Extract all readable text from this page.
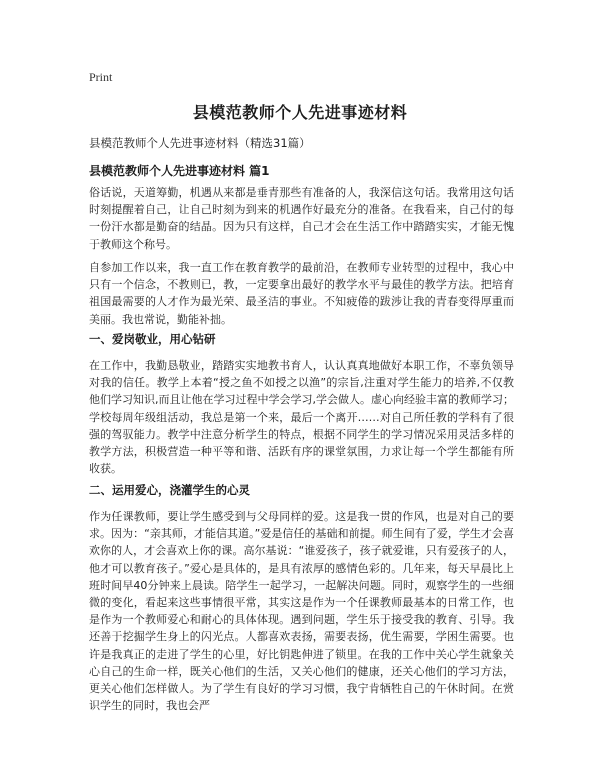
Print
县模范教师个人先进事迹材料
县模范教师个人先进事迹材料（精选31篇）
县模范教师个人先进事迹材料 篇1

俗话说，天道筹勤，机遇从来都是垂青那些有准备的人，我深信这句话。我常用这句话时刻提醒着自己，让自己时刻为到来的机遇作好最充分的准备。在我看来，自己付的每一份汗水都是勤奋的结晶。因为只有这样，自己才会在生活工作中踏踏实实，才能无愧于教师这个称号。

自参加工作以来，我一直工作在教育教学的最前沿，在教师专业转型的过程中，我心中只有一个信念，不教则已，教，一定要拿出最好的教学水平与最佳的教学方法。把培育祖国最需要的人才作为最光荣、最圣洁的事业。不知疲倦的跋涉让我的青春变得厚重而美丽。我也常说，勤能补拙。

一、爱岗敬业，用心钻研

在工作中，我勤恳敬业，踏踏实实地教书育人，认认真真地做好本职工作，不辜负领导对我的信任。教学上本着“授之鱼不如授之以渔”的宗旨,注重对学生能力的培养,不仅教他们学习知识,而且让他在学习过程中学会学习,学会做人。虚心向经验丰富的教师学习；学校每周年级组活动，我总是第一个来，最后一个离开……对自己所任教的学科有了很强的驾驭能力。教学中注意分析学生的特点，根据不同学生的学习情况采用灵活多样的教学方法，积极营造一种平等和谐、活跃有序的课堂氛围，力求让每一个学生都能有所收获。

二、运用爱心，浇灌学生的心灵

作为任课教师，要让学生感受到与父母同样的爱。这是我一贯的作风，也是对自己的要求。因为：“亲其师，才能信其道。”爱是信任的基础和前提。师生间有了爱，学生才会喜欢你的人，才会喜欢上你的课。高尔基说：“谁爱孩子，孩子就爱谁，只有爱孩子的人，他才可以教育孩子。”爱心是具体的，是具有浓厚的感情色彩的。几年来，每天早晨比上班时间早40分钟来上晨读。陪学生一起学习，一起解决问题。同时，观察学生的一些细微的变化，看起来这些事情很平常，其实这是作为一个任课教师最基本的日常工作，也是作为一个教师爱心和耐心的具体体现。遇到问题，学生乐于接受我的教育、引导。我还善于挖掘学生身上的闪光点。人都喜欢表扬，需要表扬，优生需要，学困生需要。也许是我真正的走进了学生的心里，好比钥匙伸进了锁里。在我的工作中关心学生就象关心自己的生命一样，既关心他们的生活，又关心他们的健康，还关心他们的学习方法，更关心他们怎样做人。为了学生有良好的学习习惯，我宁肯牺牲自己的午休时间。在赏识学生的同时，我也会严
